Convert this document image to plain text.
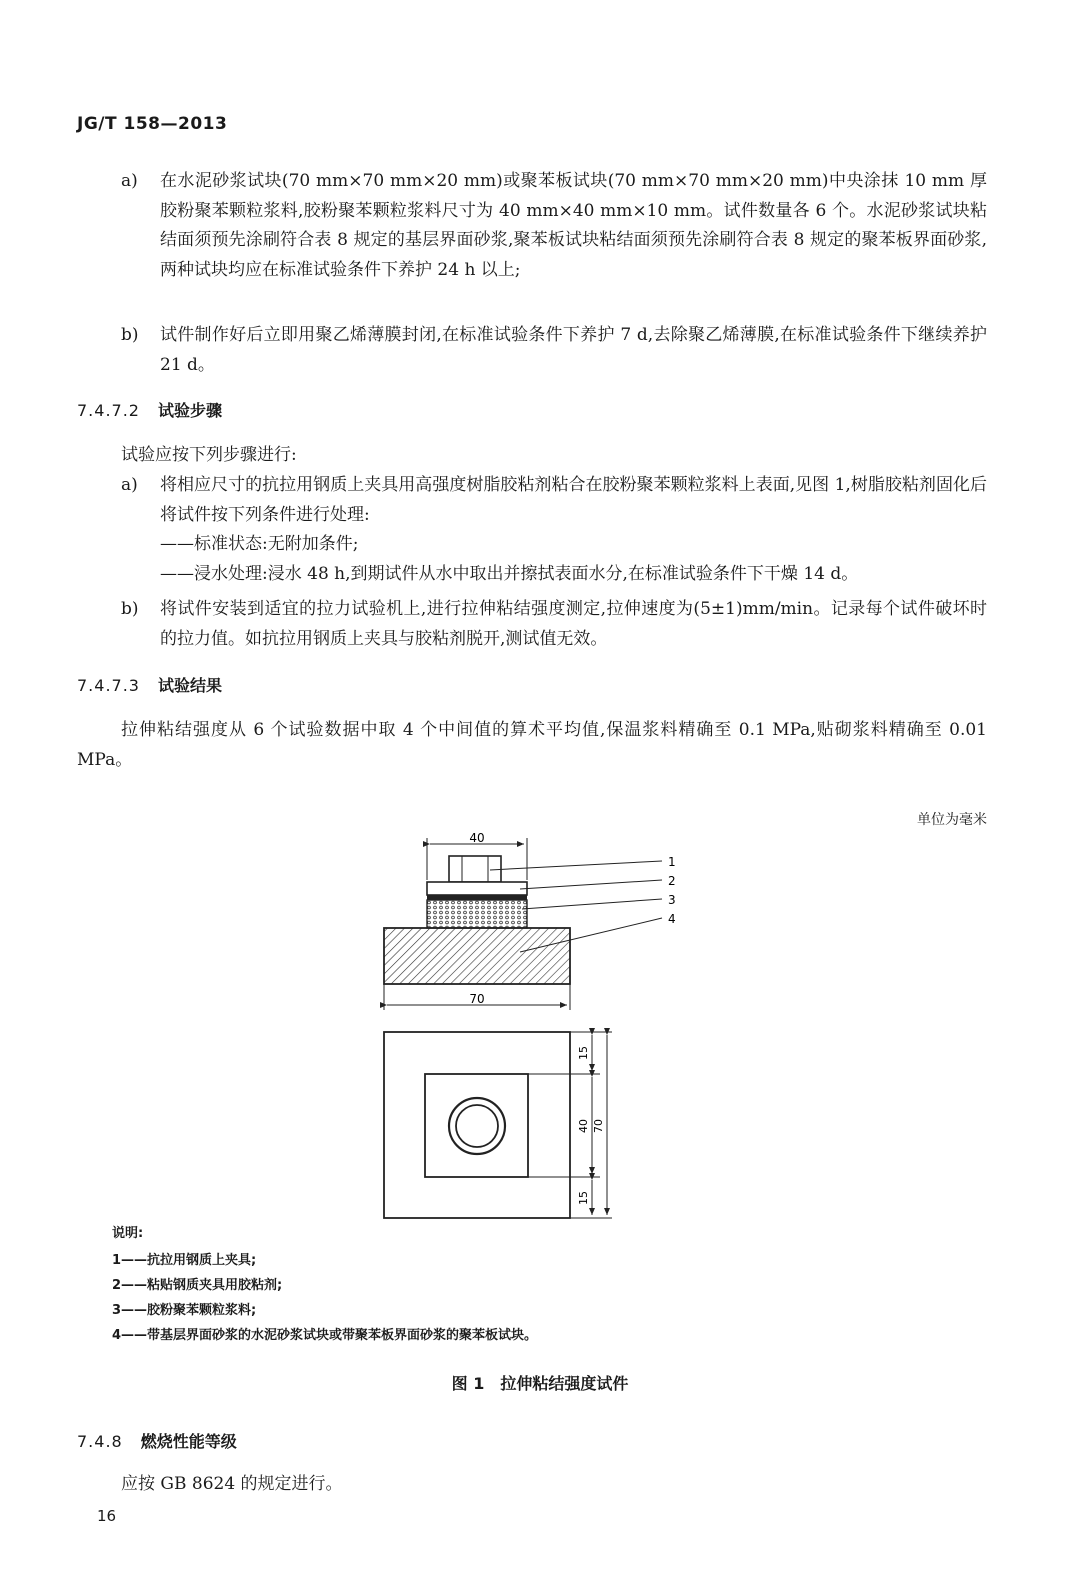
JG/T 158—2013
a) 在水泥砂浆试块(70 mm×70 mm×20 mm)或聚苯板试块(70 mm×70 mm×20 mm)中央涂抹 10 mm 厚胶粉聚苯颗粒浆料,胶粉聚苯颗粒浆料尺寸为 40 mm×40 mm×10 mm。试件数量各 6 个。水泥砂浆试块粘结面须预先涂刷符合表 8 规定的基层界面砂浆,聚苯板试块粘结面须预先涂刷符合表 8 规定的聚苯板界面砂浆,两种试块均应在标准试验条件下养护 24 h 以上;
b) 试件制作好后立即用聚乙烯薄膜封闭,在标准试验条件下养护 7 d,去除聚乙烯薄膜,在标准试验条件下继续养护 21 d。
7.4.7.2 试验步骤
试验应按下列步骤进行:
a) 将相应尺寸的抗拉用钢质上夹具用高强度树脂胶粘剂粘合在胶粉聚苯颗粒浆料上表面,见图 1,树脂胶粘剂固化后将试件按下列条件进行处理:
——标准状态:无附加条件;
——浸水处理:浸水 48 h,到期试件从水中取出并擦拭表面水分,在标准试验条件下干燥 14 d。
b) 将试件安装到适宜的拉力试验机上,进行拉伸粘结强度测定,拉伸速度为(5±1)mm/min。记录每个试件破坏时的拉力值。如抗拉用钢质上夹具与胶粘剂脱开,测试值无效。
7.4.7.3 试验结果
拉伸粘结强度从 6 个试验数据中取 4 个中间值的算术平均值,保温浆料精确至 0.1 MPa,贴砌浆料精确至 0.01 MPa。
单位为毫米
40
70
1
2
3
4
15
40 70
15
说明:
1——抗拉用钢质上夹具;
2——粘贴钢质夹具用胶粘剂;
3——胶粉聚苯颗粒浆料;
4——带基层界面砂浆的水泥砂浆试块或带聚苯板界面砂浆的聚苯板试块。
图 1 拉伸粘结强度试件
7.4.8 燃烧性能等级
应按 GB 8624 的规定进行。
16
